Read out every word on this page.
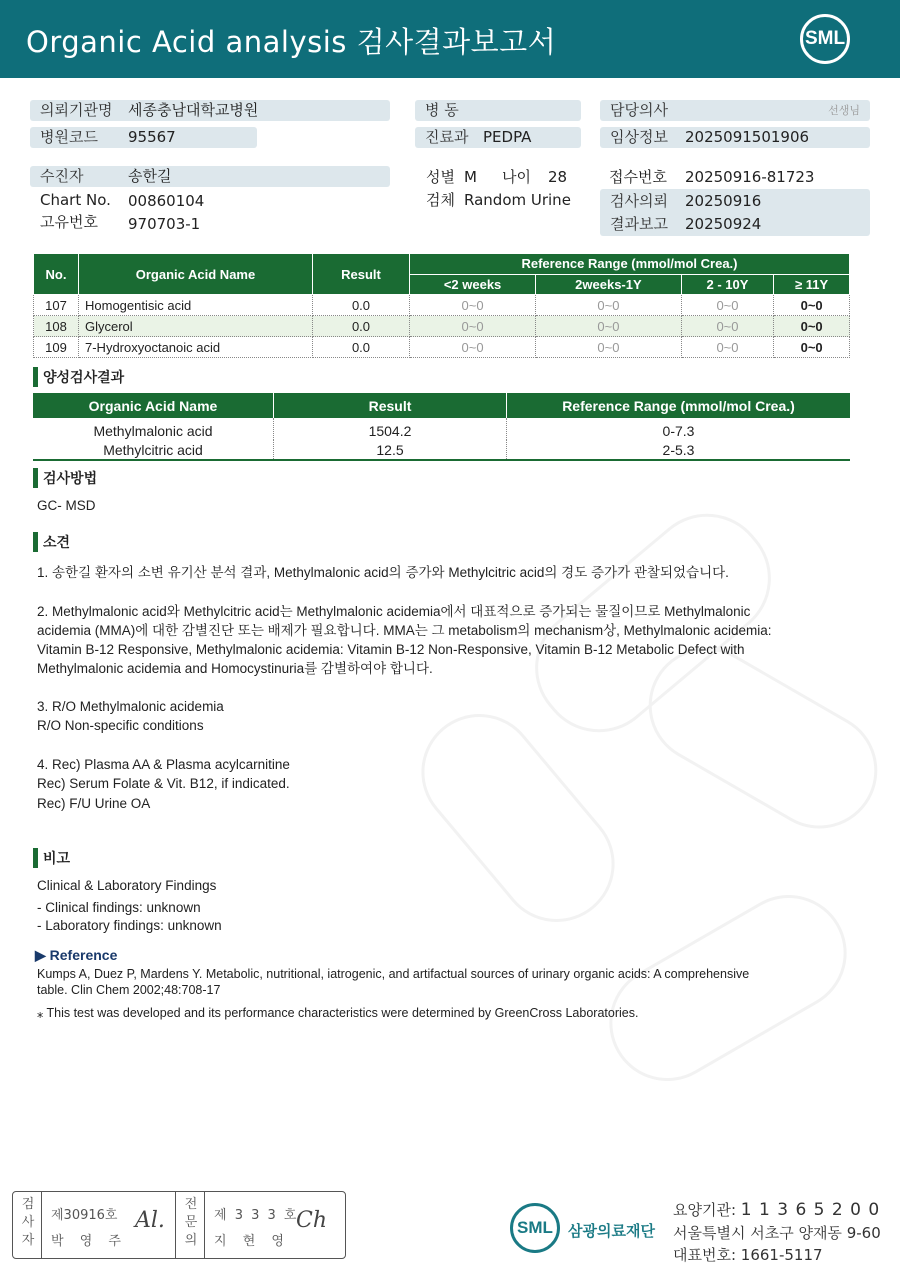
Organic Acid analysis 검사결과보고서	SML
의뢰기관명 세종충남대학교병원
병원코드 95567
병 동
진료과 PEDPA
담당의사	선생님
임상정보 2025091501906
수진자	송한길
Chart No. 00860104
고유번호 970703-1
성별 M 나이 28
검체 Random Urine
접수번호 20250916-81723
검사의뢰 20250916
결과보고 20250924
No.	Organic Acid Name	Result	Reference Range (mmol/mol Crea.)			
			<2 weeks	2weeks-1Y	2 - 10Y	≥ 11Y
107	Homogentisic acid	0.0	0~0	0~0	0~0	0~0
108	Glycerol	0.0	0~0	0~0	0~0	0~0
109	7-Hydroxyoctanoic acid	0.0	0~0	0~0	0~0	0~0
양성검사결과
Organic Acid Name	Result	Reference Range (mmol/mol Crea.)
Methylmalonic acid	1504.2	0-7.3
Methylcitric acid	12.5	2-5.3
검사방법
GC- MSD
소견
1. 송한길 환자의 소변 유기산 분석 결과, Methylmalonic acid의 증가와 Methylcitric acid의 경도 증가가 관찰되었습니다.
2. Methylmalonic acid와 Methylcitric acid는 Methylmalonic acidemia에서 대표적으로 증가되는 물질이므로 Methylmalonic
acidemia (MMA)에 대한 감별진단 또는 배제가 필요합니다. MMA는 그 metabolism의 mechanism상, Methylmalonic acidemia:
Vitamin B-12 Responsive, Methylmalonic acidemia: Vitamin B-12 Non-Responsive, Vitamin B-12 Metabolic Defect with
Methylmalonic acidemia and Homocystinuria를 감별하여야 합니다.
3. R/O Methylmalonic acidemia
R/O Non-specific conditions
4. Rec) Plasma AA & Plasma acylcarnitine
Rec) Serum Folate & Vit. B12, if indicated.
Rec) F/U Urine OA
비고
Clinical & Laboratory Findings
- Clinical findings: unknown
- Laboratory findings: unknown
▶ Reference
Kumps A, Duez P, Mardens Y. Metabolic, nutritional, iatrogenic, and artifactual sources of urinary organic acids: A comprehensive
table. Clin Chem 2002;48:708-17
⁎ This test was developed and its performance characteristics were determined by GreenCross Laboratories.
검
사
자
제30916호
박 영 주
Al.
전
문
의
제 3 3 3 호
지 현 영
Ch	SML	삼광의료재단
요양기관: 1 1 3 6 5 2 0 0
서울특별시 서초구 양재동 9-60
대표번호: 1661-5117
